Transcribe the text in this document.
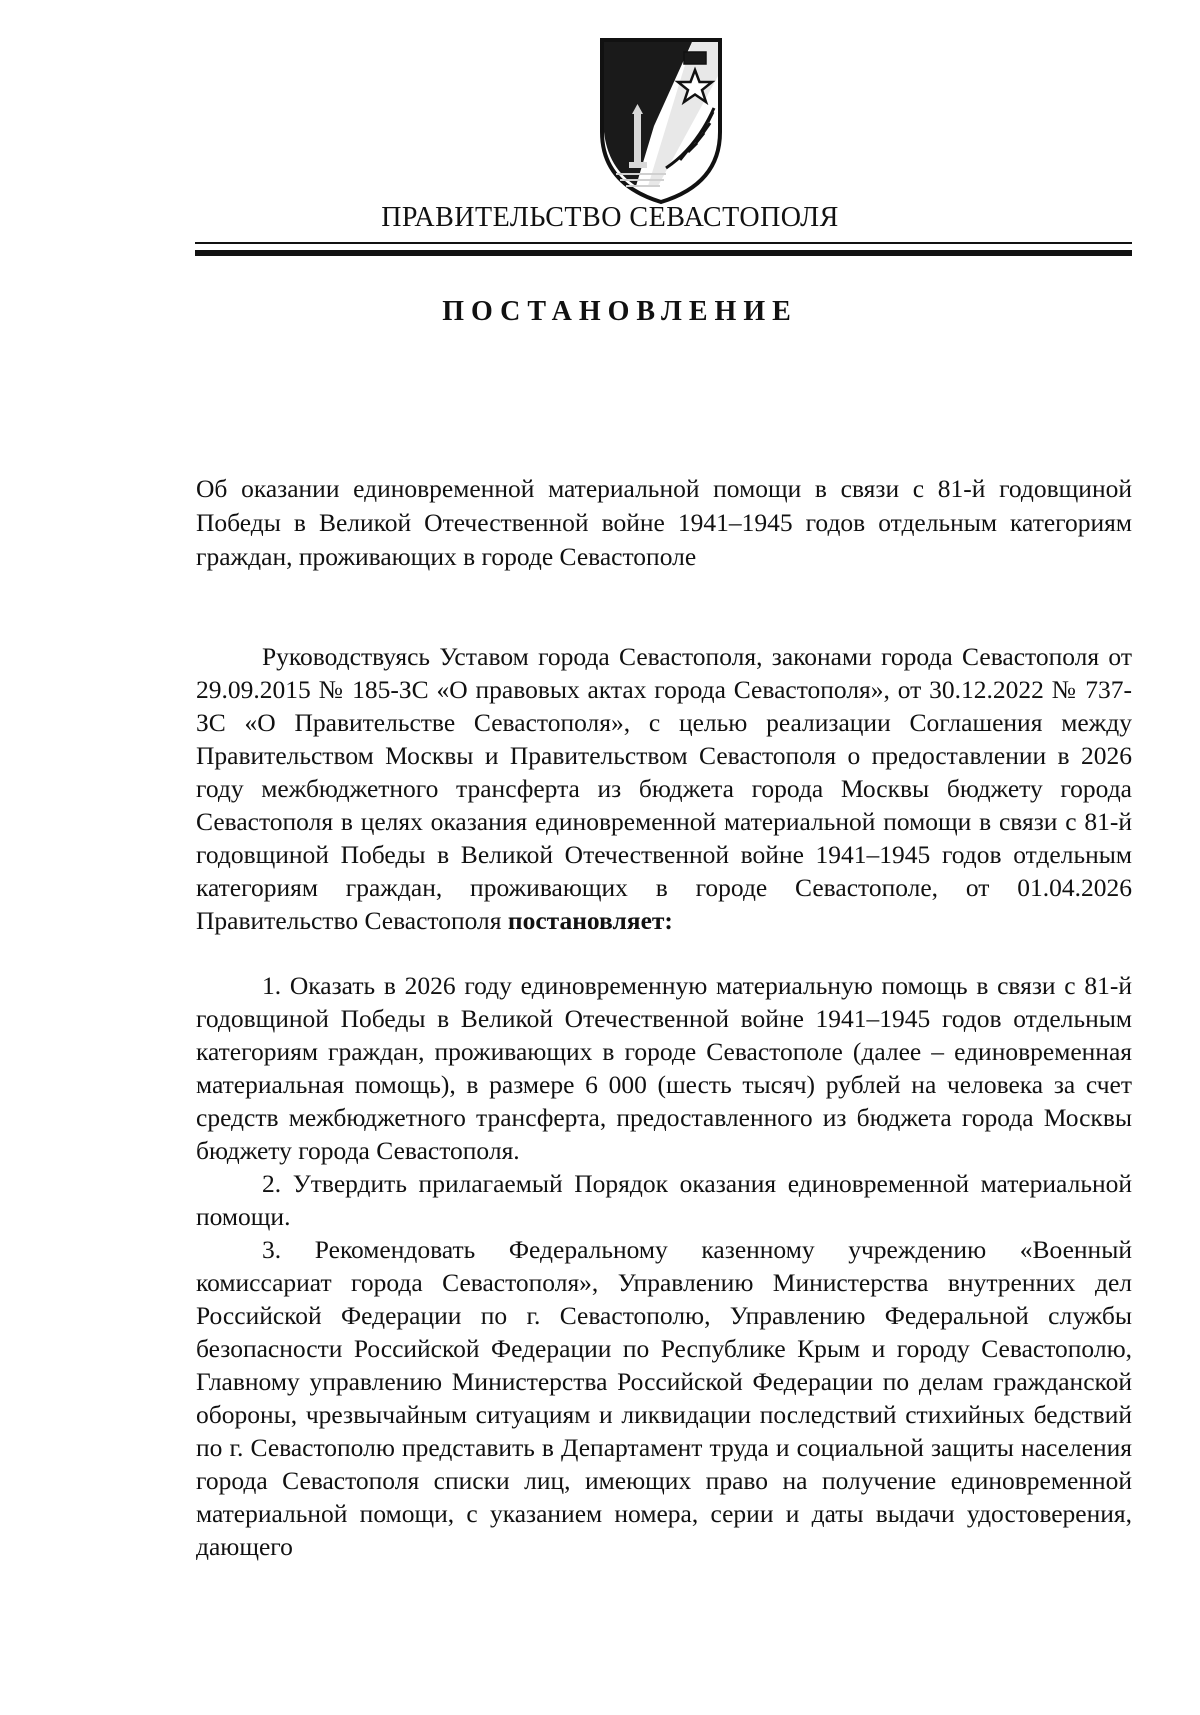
ПРАВИТЕЛЬСТВО СЕВАСТОПОЛЯ
ПОСТАНОВЛЕНИЕ
Об оказании единовременной материальной помощи в связи с 81-й годовщиной Победы в Великой Отечественной войне 1941–1945 годов отдельным категориям граждан, проживающих в городе Севастополе

Руководствуясь Уставом города Севастополя, законами города Севастополя от 29.09.2015 № 185-ЗС «О правовых актах города Севастополя», от 30.12.2022 № 737-ЗС «О Правительстве Севастополя», с целью реализации Соглашения между Правительством Москвы и Правительством Севастополя о предоставлении в 2026 году межбюджетного трансферта из бюджета города Москвы бюджету города Севастополя в целях оказания единовременной материальной помощи в связи с 81-й годовщиной Победы в Великой Отечественной войне 1941–1945 годов отдельным категориям граждан, проживающих в городе Севастополе, от 01.04.2026 Правительство Севастополя постановляет:

1. Оказать в 2026 году единовременную материальную помощь в связи с 81-й годовщиной Победы в Великой Отечественной войне 1941–1945 годов отдельным категориям граждан, проживающих в городе Севастополе (далее – единовременная материальная помощь), в размере 6 000 (шесть тысяч) рублей на человека за счет средств межбюджетного трансферта, предоставленного из бюджета города Москвы бюджету города Севастополя.

2. Утвердить прилагаемый Порядок оказания единовременной материальной помощи.

3. Рекомендовать Федеральному казенному учреждению «Военный комиссариат города Севастополя», Управлению Министерства внутренних дел Российской Федерации по г. Севастополю, Управлению Федеральной службы безопасности Российской Федерации по Республике Крым и городу Севастополю, Главному управлению Министерства Российской Федерации по делам гражданской обороны, чрезвычайным ситуациям и ликвидации последствий стихийных бедствий по г. Севастополю представить в Департамент труда и социальной защиты населения города Севастополя списки лиц, имеющих право на получение единовременной материальной помощи, с указанием номера, серии и даты выдачи удостоверения, дающего
